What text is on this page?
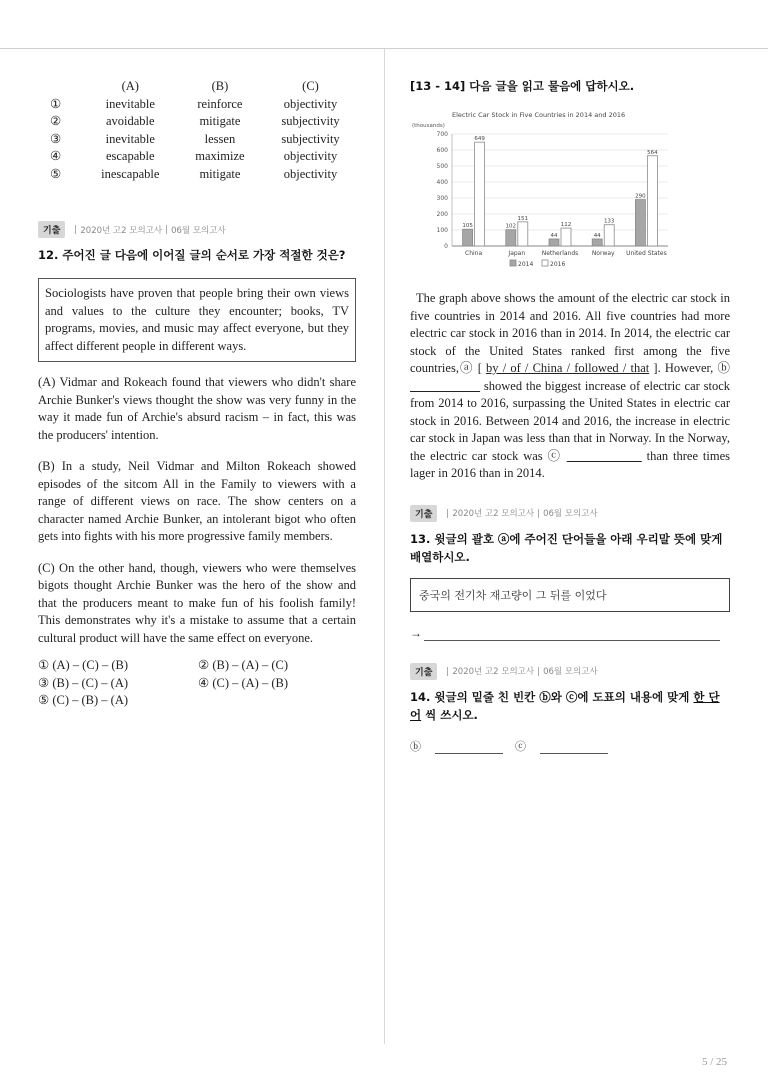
	(A)	(B)	(C)
①	inevitable	reinforce	objectivity
②	avoidable	mitigate	subjectivity
③	inevitable	lessen	subjectivity
④	escapable	maximize	objectivity
⑤	inescapable	mitigate	objectivity
기출	2020년 고2 모의고사 06월 모의고사
12. 주어진 글 다음에 이어질 글의 순서로 가장 적절한 것은?
Sociologists have proven that people bring their own views and values to the culture they encounter; books, TV programs, movies, and music may affect everyone, but they affect different people in different ways.
(A) Vidmar and Rokeach found that viewers who didn't share Archie Bunker's views thought the show was very funny in the way it made fun of Archie's absurd racism – in fact, this was the producers' intention.
(B) In a study, Neil Vidmar and Milton Rokeach showed episodes of the sitcom All in the Family to viewers with a range of different views on race. The show centers on a character named Archie Bunker, an intolerant bigot who often gets into fights with his more progressive family members.
(C) On the other hand, though, viewers who were themselves bigots thought Archie Bunker was the hero of the show and that the producers meant to make fun of his foolish family! This demonstrates why it's a mistake to assume that a certain cultural product will have the same effect on everyone.
① (A) – (C) – (B)	② (B) – (A) – (C)
③ (B) – (C) – (A)	④ (C) – (A) – (B)
⑤ (C) – (B) – (A)
[13 - 14] 다음 글을 읽고 물음에 답하시오.
Electric Car Stock in Five Countries in 2014 and 2016
(thousands)
0
100
200
300
400
500
600
700
105
649
China
102
151
Japan
44
112
Netherlands
44
133
Norway
290
564
United States
2014	2016
The graph above shows the amount of the electric car stock in five countries in 2014 and 2016. All five countries had more electric car stock in 2016 than in 2014. In 2014, the electric car stock of the United States ranked first among the five countries,ⓐ [ by / of / China / followed / that ]. However, ⓑ                              showed the biggest increase of electric car stock from 2014 to 2016, surpassing the United States in electric car stock in 2016. Between 2014 and 2016, the increase in electric car stock in Japan was less than that in Norway. In the Norway, the electric car stock was ⓒ                               	than three times lager in 2016 than in 2014.
기출	2020년 고2 모의고사 06월 모의고사
13. 윗글의 괄호 ⓐ에 주어진 단어들을 아래 우리말 뜻에 맞게 배열하시오.
중국의 전기차 재고량이 그 뒤를 이었다
→
기출	2020년 고2 모의고사 06월 모의고사
14. 윗글의 밑줄 친 빈칸 ⓑ와 ⓒ에 도표의 내용에 맞게 한 단어 씩 쓰시오.
ⓑ	ⓒ
5 / 25
